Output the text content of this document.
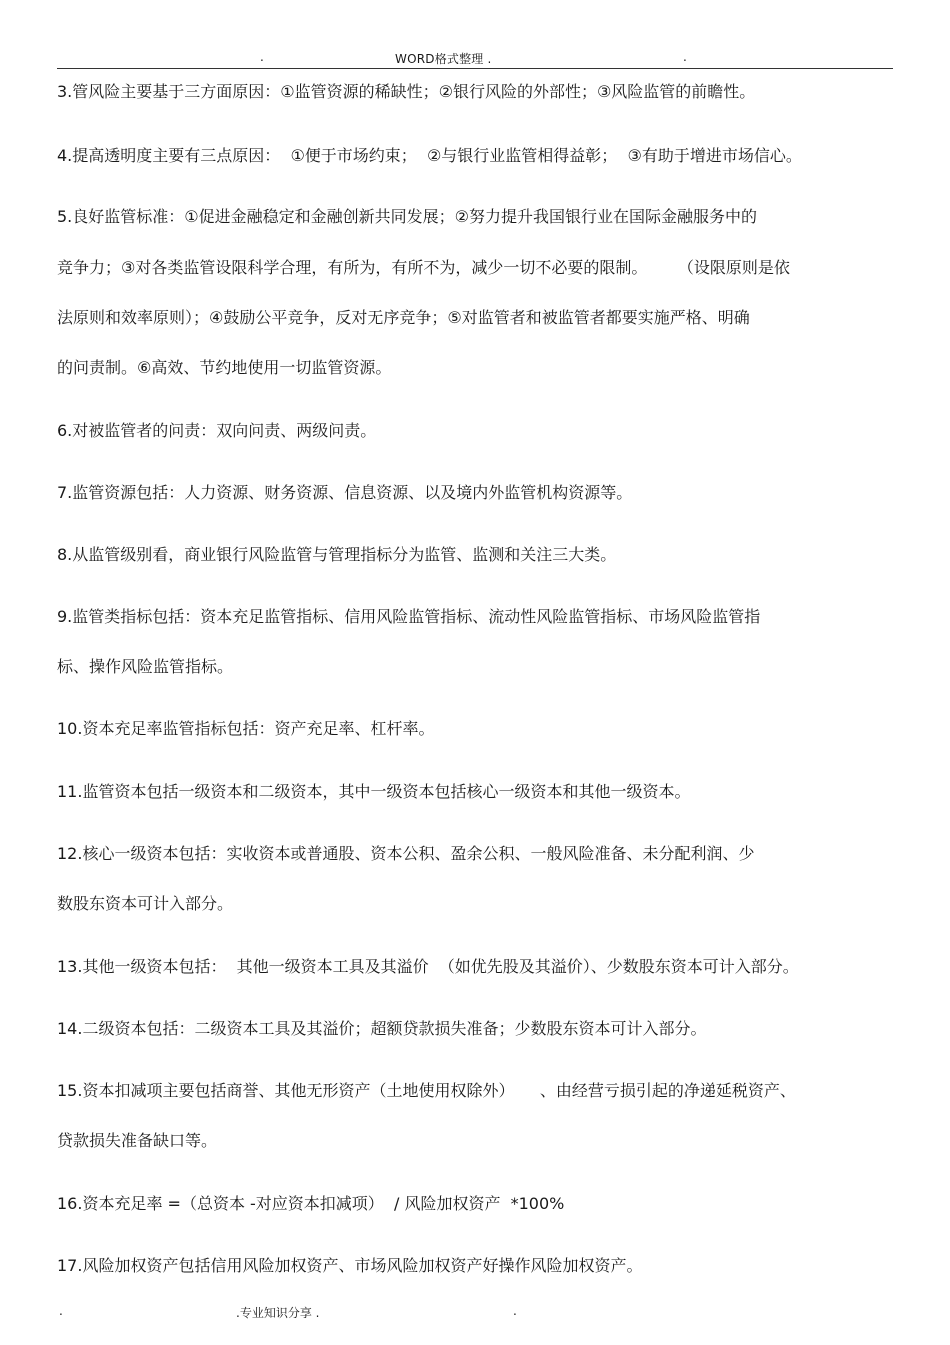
.	WORD格式整理 .	.
3.管风险主要基于三方面原因：①监管资源的稀缺性；②银行风险的外部性；③风险监管的前瞻性。
4.提高透明度主要有三点原因：  ①便于市场约束；  ②与银行业监管相得益彰；  ③有助于增进市场信心。
5.良好监管标准：①促进金融稳定和金融创新共同发展；②努力提升我国银行业在国际金融服务中的
竞争力；③对各类监管设限科学合理，有所为，有所不为，减少一切不必要的限制。      （设限原则是依
法原则和效率原则）；④鼓励公平竞争，反对无序竞争；⑤对监管者和被监管者都要实施严格、明确
的问责制。⑥高效、节约地使用一切监管资源。
6.对被监管者的问责：双向问责、两级问责。
7.监管资源包括：人力资源、财务资源、信息资源、以及境内外监管机构资源等。
8.从监管级别看，商业银行风险监管与管理指标分为监管、监测和关注三大类。
9.监管类指标包括：资本充足监管指标、信用风险监管指标、流动性风险监管指标、市场风险监管指
标、操作风险监管指标。
10.资本充足率监管指标包括：资产充足率、杠杆率。
11.监管资本包括一级资本和二级资本，其中一级资本包括核心一级资本和其他一级资本。
12.核心一级资本包括：实收资本或普通股、资本公积、盈余公积、一般风险准备、未分配利润、少
数股东资本可计入部分。
13.其他一级资本包括：  其他一级资本工具及其溢价  （如优先股及其溢价）、少数股东资本可计入部分。
14.二级资本包括：二级资本工具及其溢价；超额贷款损失准备；少数股东资本可计入部分。
15.资本扣减项主要包括商誉、其他无形资产（土地使用权除外）     、由经营亏损引起的净递延税资产、
贷款损失准备缺口等。
16.资本充足率 =（总资本 -对应资本扣减项）  / 风险加权资产  *100%
17.风险加权资产包括信用风险加权资产、市场风险加权资产好操作风险加权资产。
.	.专业知识分享 .	.
